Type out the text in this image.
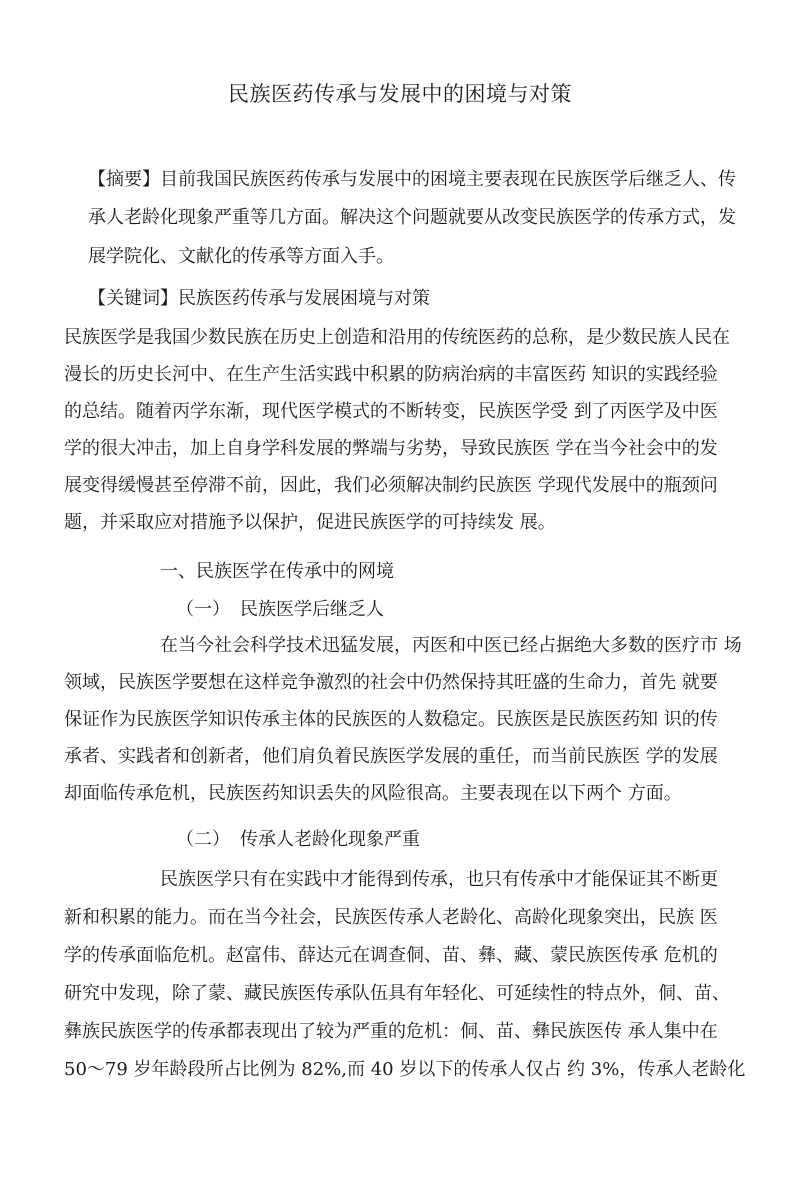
民族医药传承与发展中的困境与对策
【摘要】目前我国民族医药传承与发展中的困境主要表现在民族医学后继乏人、传
承人老龄化现象严重等几方面。解决这个问题就要从改变民族医学的传承方式，发
展学院化、文献化的传承等方面入手。
【关键词】民族医药传承与发展困境与对策
民族医学是我国少数民族在历史上创造和沿用的传统医药的总称，是少数民族人民在
漫长的历史长河中、在生产生活实践中积累的防病治病的丰富医药 知识的实践经验
的总结。随着丙学东渐，现代医学模式的不断转变，民族医学受 到了丙医学及中医
学的很大冲击，加上自身学科发展的弊端与劣势，导致民族医 学在当今社会中的发
展变得缓慢甚至停滞不前，因此，我们必须解决制约民族医 学现代发展中的瓶颈问
题，并采取应对措施予以保护，促进民族医学的可持续发 展。
一、民族医学在传承中的网境
（一） 民族医学后继乏人
在当今社会科学技术迅猛发展，丙医和中医已经占据绝大多数的医疗市 场
领域，民族医学要想在这样竞争激烈的社会中仍然保持其旺盛的生命力，首先 就要
保证作为民族医学知识传承主体的民族医的人数稳定。民族医是民族医药知 识的传
承者、实践者和创新者，他们肩负着民族医学发展的重任，而当前民族医 学的发展
却面临传承危机，民族医药知识丢失的风险很高。主要表现在以下两个 方面。
（二） 传承人老龄化现象严重
民族医学只有在实践中才能得到传承，也只有传承中才能保证其不断更
新和积累的能力。而在当今社会，民族医传承人老龄化、高龄化现象突出，民族 医
学的传承面临危机。赵富伟、薛达元在调查侗、苗、彝、藏、蒙民族医传承 危机的
研究中发现，除了蒙、藏民族医传承队伍具有年轻化、可延续性的特点外，侗、苗、
彝族民族医学的传承都表现出了较为严重的危机：侗、苗、彝民族医传 承人集中在
50～79 岁年龄段所占比例为 82%,而 40 岁以下的传承人仅占 约 3%，传承人老龄化
